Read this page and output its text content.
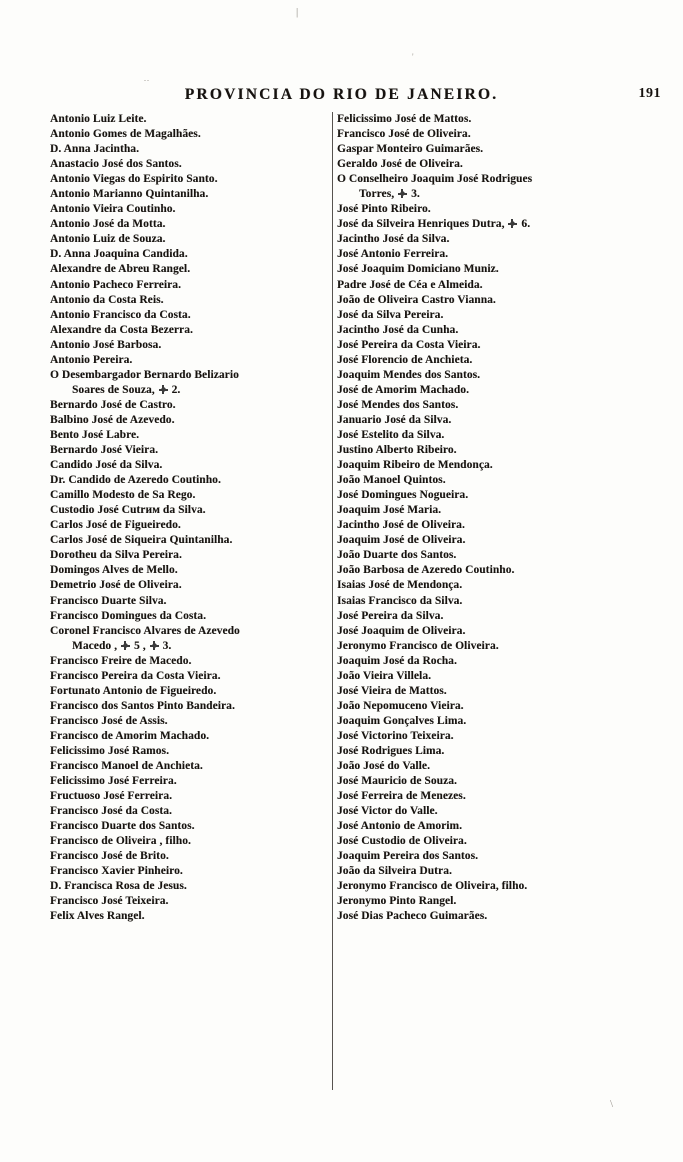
|
'
..
\
PROVINCIA DO RIO DE JANEIRO.	191
Antonio Luiz Leite.
Antonio Gomes de Magalhães.
D. Anna Jacintha.
Anastacio José dos Santos.
Antonio Viegas do Espirito Santo.
Antonio Marianno Quintanilha.
Antonio Vieira Coutinho.
Antonio José da Motta.
Antonio Luiz de Souza.
D. Anna Joaquina Candida.
Alexandre de Abreu Rangel.
Antonio Pacheco Ferreira.
Antonio da Costa Reis.
Antonio Francisco da Costa.
Alexandre da Costa Bezerra.
Antonio José Barbosa.
Antonio Pereira.
O Desembargador Bernardo Belizario
Soares de Souza,  2.
Bernardo José de Castro.
Balbino José de Azevedo.
Bento José Labre.
Bernardo José Vieira.
Candido José da Silva.
Dr. Candido de Azeredo Coutinho.
Camillo Modesto de Sa Rego.
Custodio José Cutrим da Silva.
Carlos José de Figueiredo.
Carlos José de Siqueira Quintanilha.
Dorotheu da Silva Pereira.
Domingos Alves de Mello.
Demetrio José de Oliveira.
Francisco Duarte Silva.
Francisco Domingues da Costa.
Coronel Francisco Alvares de Azevedo
Macedo ,  5 ,  3.
Francisco Freire de Macedo.
Francisco Pereira da Costa Vieira.
Fortunato Antonio de Figueiredo.
Francisco dos Santos Pinto Bandeira.
Francisco José de Assis.
Francisco de Amorim Machado.
Felicissimo José Ramos.
Francisco Manoel de Anchieta.
Felicissimo José Ferreira.
Fructuoso José Ferreira.
Francisco José da Costa.
Francisco Duarte dos Santos.
Francisco de Oliveira , filho.
Francisco José de Brito.
Francisco Xavier Pinheiro.
D. Francisca Rosa de Jesus.
Francisco José Teixeira.
Felix Alves Rangel.
Felicissimo José de Mattos.
Francisco José de Oliveira.
Gaspar Monteiro Guimarães.
Geraldo José de Oliveira.
O Conselheiro Joaquim José Rodrigues
Torres,  3.
José Pinto Ribeiro.
José da Silveira Henriques Dutra,  6.
Jacintho José da Silva.
José Antonio Ferreira.
José Joaquim Domiciano Muniz.
Padre José de Céa e Almeida.
João de Oliveira Castro Vianna.
José da Silva Pereira.
Jacintho José da Cunha.
José Pereira da Costa Vieira.
José Florencio de Anchieta.
Joaquim Mendes dos Santos.
José de Amorim Machado.
José Mendes dos Santos.
Januario José da Silva.
José Estelito da Silva.
Justino Alberto Ribeiro.
Joaquim Ribeiro de Mendonça.
João Manoel Quintos.
José Domingues Nogueira.
Joaquim José Maria.
Jacintho José de Oliveira.
Joaquim José de Oliveira.
João Duarte dos Santos.
João Barbosa de Azeredo Coutinho.
Isaias José de Mendonça.
Isaias Francisco da Silva.
José Pereira da Silva.
José Joaquim de Oliveira.
Jeronymo Francisco de Oliveira.
Joaquim José da Rocha.
João Vieira Villela.
José Vieira de Mattos.
João Nepomuceno Vieira.
Joaquim Gonçalves Lima.
José Victorino Teixeira.
José Rodrigues Lima.
João José do Valle.
José Mauricio de Souza.
José Ferreira de Menezes.
José Victor do Valle.
José Antonio de Amorim.
José Custodio de Oliveira.
Joaquim Pereira dos Santos.
João da Silveira Dutra.
Jeronymo Francisco de Oliveira, filho.
Jeronymo Pinto Rangel.
José Dias Pacheco Guimarães.
